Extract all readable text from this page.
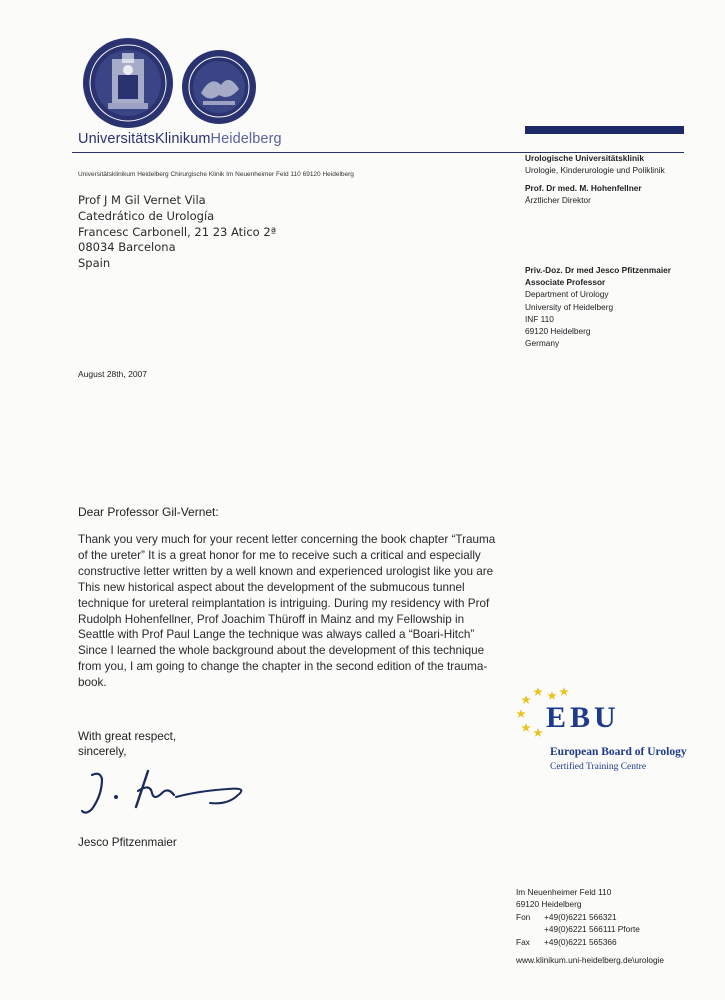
UniversitätsKlinikumHeidelberg
Universitätsklinikum Heidelberg Chirurgische Klinik Im Neuenheimer Feld 110 69120 Heidelberg
Urologische Universitätsklinik
Urologie, Kinderurologie und Poliklinik
Prof. Dr med. M. Hohenfellner
Ärztlicher Direktor
Prof J M Gil Vernet Vila
Catedrático de Urología
Francesc Carbonell, 21 23 Atico 2ª
08034 Barcelona
Spain	Priv.-Doz. Dr med Jesco Pfitzenmaier
Associate Professor
Department of Urology
University of Heidelberg
INF 110
69120 Heidelberg
Germany
August 28th, 2007
Dear Professor Gil-Vernet:

Thank you very much for your recent letter concerning the book chapter “Trauma of the ureter” It is a great honor for me to receive such a critical and especially constructive letter written by a well known and experienced urologist like you are

This new historical aspect about the development of the submucous tunnel technique for ureteral reimplantation is intriguing. During my residency with Prof Rudolph Hohenfellner, Prof Joachim Thüroff in Mainz and my Fellowship in Seattle with Prof Paul Lange the technique was always called a “Boari-Hitch” Since I learned the whole background about the development of this technique from you, I am going to change the chapter in the second edition of the trauma-book.

With great respect,
sincerely,
Jesco Pfitzenmaier
EBU
European Board of Urology
Certified Training Centre
Im Neuenheimer Feld 110
69120 Heidelberg
Fon	+49(0)6221 566321
+49(0)6221 566111 Pforte
Fax	+49(0)6221 565366
www.klinikum.uni-heidelberg.de\urologie
